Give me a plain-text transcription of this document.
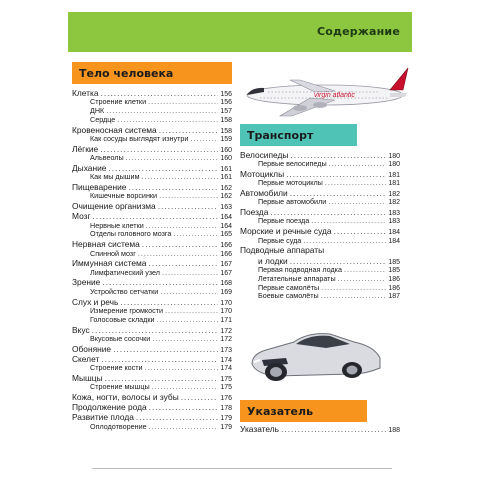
Содержание
Тело человека
Клетка .....	156
Строение клетки .....	156
ДНК .....	157
Сердце .....	158
Кровеносная система .....	158
Как сосуды выглядят изнутри .....	159
Лёгкие .....	160
Альвеолы .....	160
Дыхание .....	161
Как мы дышим .....	161
Пищеварение .....	162
Кишечные ворсинки .....	162
Очищение организма .....	163
Мозг .....	164
Нервные клетки .....	164
Отделы головного мозга .....	165
Нервная система .....	166
Спинной мозг .....	166
Иммунная система .....	167
Лимфатический узел .....	167
Зрение .....	168
Устройство сетчатки .....	169
Слух и речь .....	170
Измерение громкости .....	170
Голосовые складки .....	171
Вкус .....	172
Вкусовые сосочки .....	172
Обоняние .....	173
Скелет .....	174
Строение кости .....	174
Мышцы .....	175
Строение мышцы .....	175
Кожа, ногти, волосы и зубы .....	176
Продолжение рода .....	178
Развитие плода .....	179
Оплодотворение .....	179
virgin atlantic
Транспорт
Велосипеды .....	180
Первые велосипеды .....	180
Мотоциклы .....	181
Первые мотоциклы .....	181
Автомобили .....	182
Первые автомобили .....	182
Поезда .....	183
Первые поезда .....	183
Морские и речные суда .....	184
Первые суда .....	184
Подводные аппараты
и лодки .....	185
Первая подводная лодка .....	185
Летательные аппараты .....	186
Первые самолёты .....	186
Боевые самолёты .....	187
Указатель
Указатель .....	188
